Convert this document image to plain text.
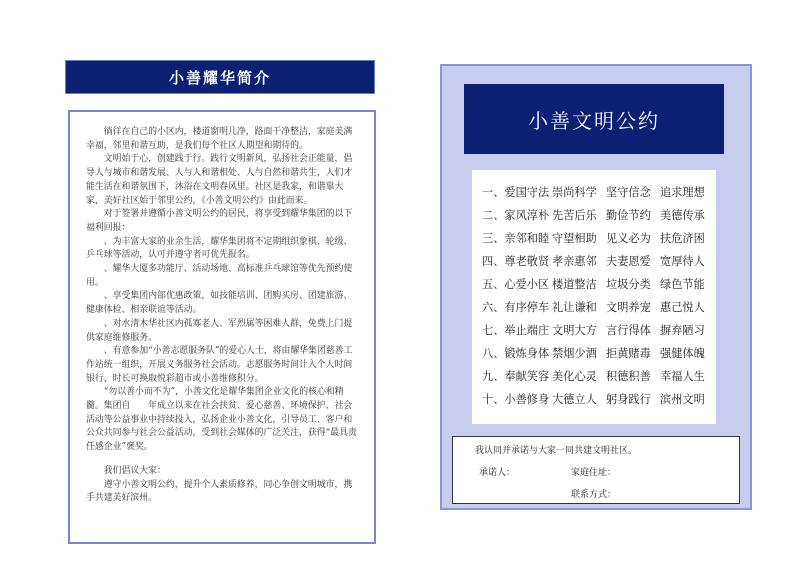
小善耀华简介

徜徉在自己的小区内，楼道窗明几净，路面干净整洁，家庭美满幸福，邻里和谐互助，是我们每个社区人期望和期待的。

文明始于心，创建践于行。践行文明新风，弘扬社会正能量，倡导人与城市和谐发展、人与人和谐相处、人与自然和谐共生，人们才能生活在和谐氛围下，沐浴在文明春风里。社区是我家，和谐靠大家，美好社区始于邻里公约，《小善文明公约》由此而来。

对于签署并遵循小善文明公约的居民，将享受到耀华集团的以下福利回报：

、为丰富大家的业余生活，耀华集团将不定期组织象棋、轮级、乒乓球等活动，认可并遵守者可优先报名。

、耀华大厦多功能厅、活动场地、高标准乒乓球馆等优先预约使用。

、享受集团内部优惠政策，如技能培训、团购买房、团建旅游、健康体检、相亲联谊等活动。

、对水清木华社区内孤寡老人、军烈属等困难人群，免费上门提供家庭维修服务。

、有意参加“小善志愿服务队”的爱心人士，将由耀华集团慈善工作站统一组织，开展义务服务社会活动。志愿服务时间计入个人时间银行，时长可换取悦彩超市或小善维修积分。

“勿以善小而不为”，小善文化是耀华集团企业文化的核心和精髓。集团自　　年成立以来在社会扶贫、爱心慈善、环境保护、社会活动等公益事业中持续投入，弘扬企业小善文化，引导员工、客户和公众共同参与社会公益活动，受到社会媒体的广泛关注，获得“最具责任感企业”褒奖。

我们倡议大家：

遵守小善文明公约，提升个人素质修养，同心争创文明城市，携手共建美好滨州。

小善文明公约
一、爱国守法 崇尚科学 坚守信念 追求理想
二、家风淳朴 先苦后乐 勤俭节约 美德传承
三、亲邻和睦 守望相助 见义必为 扶危济困
四、尊老敬贤 孝亲惠邻 夫妻恩爱 宽厚待人
五、心爱小区 楼道整洁 垃圾分类 绿色节能
六、有序停车 礼让谦和 文明养宠 惠己悦人
七、举止端庄 文明大方 言行得体 摒弃陋习
八、锻炼身体 禁烟少酒 拒黄赌毒 强健体魄
九、奉献笑容 美化心灵 积德积善 幸福人生
十、小善修身 大德立人 躬身践行 滨州文明
我认同并承诺与大家一同共建文明社区。
承诺人：	家庭住址：
联系方式：
